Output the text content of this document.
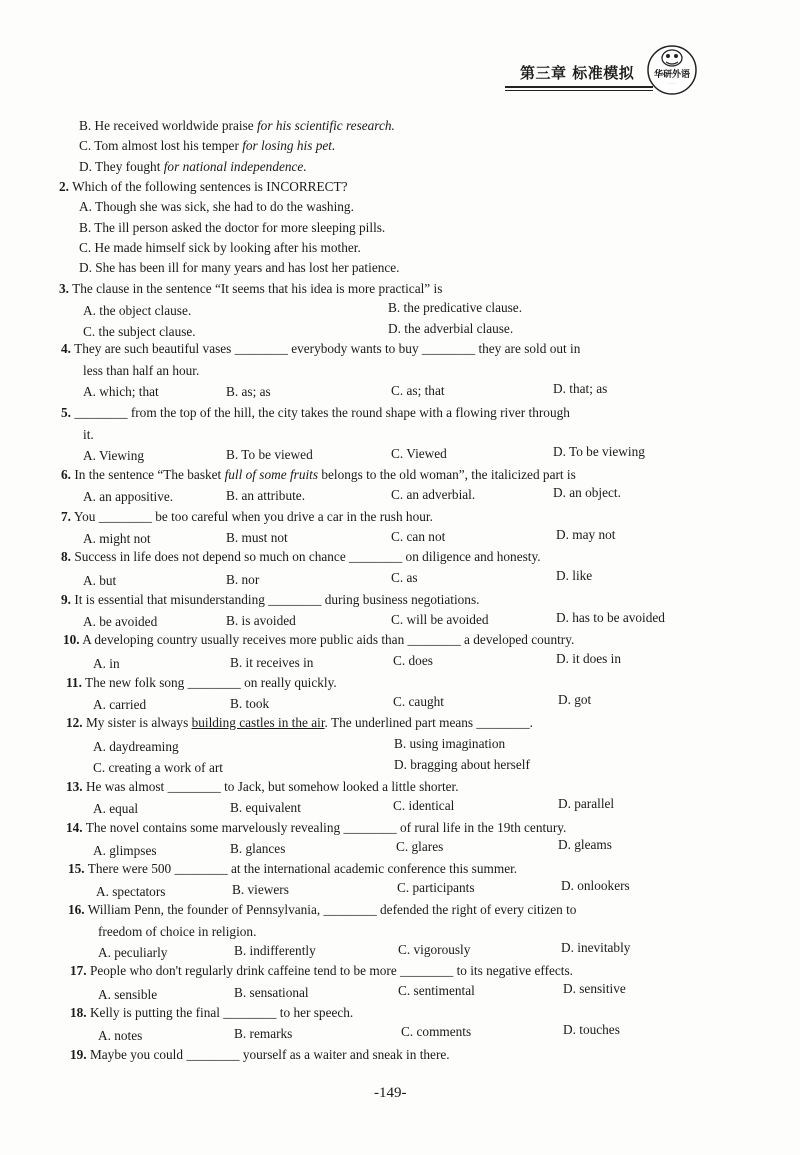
第三章 标准模拟 华研外语
· · · ·
B. He received worldwide praise for his scientific research.
C. Tom almost lost his temper for losing his pet.
D. They fought for national independence.
2. Which of the following sentences is INCORRECT?
A. Though she was sick, she had to do the washing.
B. The ill person asked the doctor for more sleeping pills.
C. He made himself sick by looking after his mother.
D. She has been ill for many years and has lost her patience.
3. The clause in the sentence “It seems that his idea is more practical” is
A. the object clause.	B. the predicative clause.
C. the subject clause.	D. the adverbial clause.
4. They are such beautiful vases ________ everybody wants to buy ________ they are sold out in
less than half an hour.
A. which; that	B. as; as	C. as; that	D. that; as
5. ________ from the top of the hill, the city takes the round shape with a flowing river through
it.
A. Viewing	B. To be viewed	C. Viewed	D. To be viewing
6. In the sentence “The basket full of some fruits belongs to the old woman”, the italicized part is
A. an appositive.	B. an attribute.	C. an adverbial.	D. an object.
7. You ________ be too careful when you drive a car in the rush hour.
A. might not	B. must not	C. can not	D. may not
8. Success in life does not depend so much on chance ________ on diligence and honesty.
A. but	B. nor	C. as	D. like
9. It is essential that misunderstanding ________ during business negotiations.
A. be avoided	B. is avoided	C. will be avoided	D. has to be avoided
10. A developing country usually receives more public aids than ________ a developed country.
A. in	B. it receives in	C. does	D. it does in
11. The new folk song ________ on really quickly.
A. carried	B. took	C. caught	D. got
12. My sister is always building castles in the air. The underlined part means ________.
A. daydreaming	B. using imagination
C. creating a work of art	D. bragging about herself
13. He was almost ________ to Jack, but somehow looked a little shorter.
A. equal	B. equivalent	C. identical	D. parallel
14. The novel contains some marvelously revealing ________ of rural life in the 19th century.
A. glimpses	B. glances	C. glares	D. gleams
15. There were 500 ________ at the international academic conference this summer.
A. spectators	B. viewers	C. participants	D. onlookers
16. William Penn, the founder of Pennsylvania, ________ defended the right of every citizen to
freedom of choice in religion.
A. peculiarly	B. indifferently	C. vigorously	D. inevitably
17. People who don't regularly drink caffeine tend to be more ________ to its negative effects.
A. sensible	B. sensational	C. sentimental	D. sensitive
18. Kelly is putting the final ________ to her speech.
A. notes	B. remarks	C. comments	D. touches
19. Maybe you could ________ yourself as a waiter and sneak in there.
-149-
